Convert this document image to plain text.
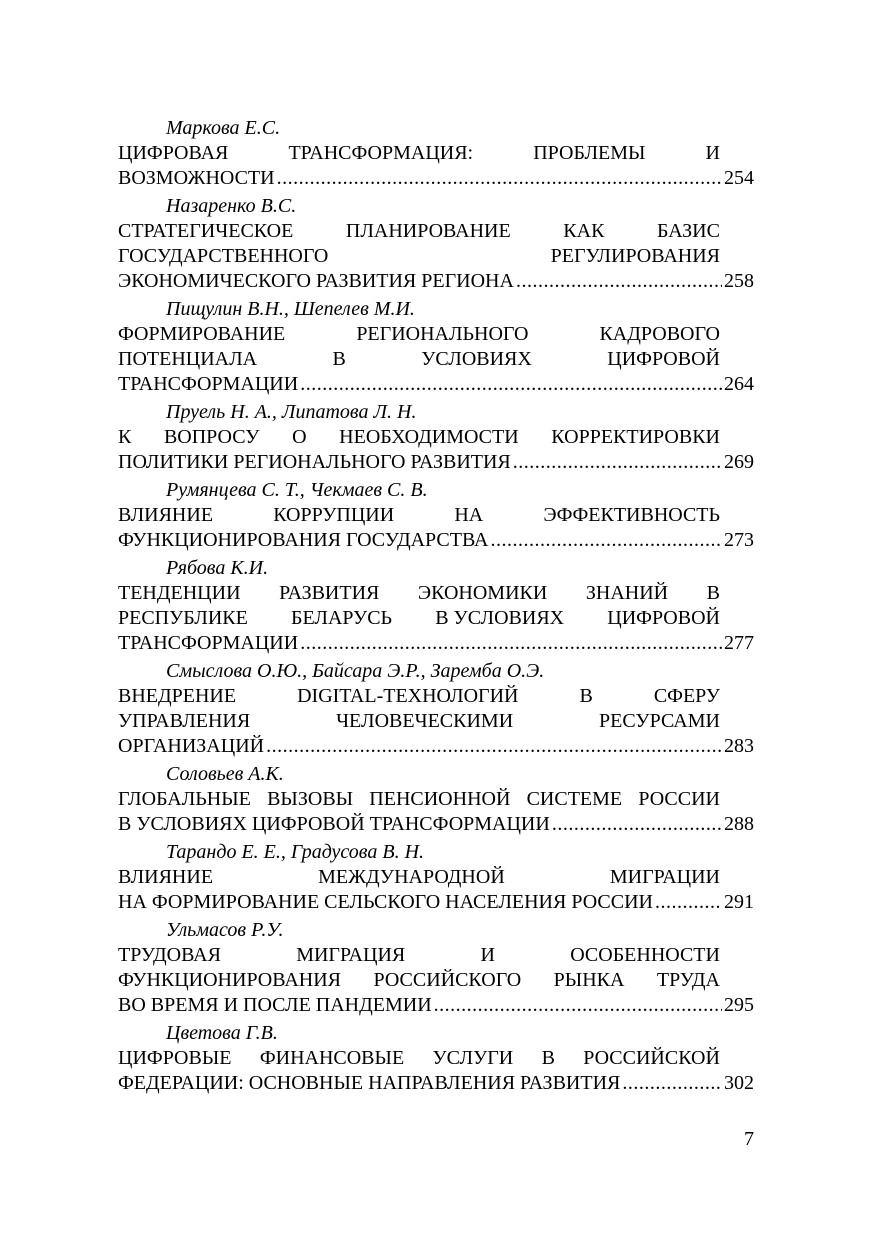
Маркова Е.С.
ЦИФРОВАЯ	ТРАНСФОРМАЦИЯ:	ПРОБЛЕМЫ	И
ВОЗМОЖНОСТИ .....	254
Назаренко В.С.
СТРАТЕГИЧЕСКОЕ	ПЛАНИРОВАНИЕ	КАК	БАЗИС
ГОСУДАРСТВЕННОГО	РЕГУЛИРОВАНИЯ
ЭКОНОМИЧЕСКОГО РАЗВИТИЯ РЕГИОНА .....	258
Пищулин В.Н., Шепелев М.И.
ФОРМИРОВАНИЕ	РЕГИОНАЛЬНОГО	КАДРОВОГО
ПОТЕНЦИАЛА	В	УСЛОВИЯХ	ЦИФРОВОЙ
ТРАНСФОРМАЦИИ .....	264
Пруель Н. А., Липатова Л. Н.
К ВОПРОСУ О НЕОБХОДИМОСТИ КОРРЕКТИРОВКИ
ПОЛИТИКИ РЕГИОНАЛЬНОГО РАЗВИТИЯ .....	269
Румянцева С. Т., Чекмаев С. В.
ВЛИЯНИЕ	КОРРУПЦИИ	НА	ЭФФЕКТИВНОСТЬ
ФУНКЦИОНИРОВАНИЯ ГОСУДАРСТВА .....	273
Рябова К.И.
ТЕНДЕНЦИИ РАЗВИТИЯ ЭКОНОМИКИ ЗНАНИЙ В
РЕСПУБЛИКЕ БЕЛАРУСЬ В УСЛОВИЯХ ЦИФРОВОЙ
ТРАНСФОРМАЦИИ .....	277
Смыслова О.Ю., Байсара Э.Р., Заремба О.Э.
ВНЕДРЕНИЕ	DIGITAL-ТЕХНОЛОГИЙ	В	СФЕРУ
УПРАВЛЕНИЯ	ЧЕЛОВЕЧЕСКИМИ	РЕСУРСАМИ
ОРГАНИЗАЦИЙ .....	283
Соловьев А.К.
ГЛОБАЛЬНЫЕ ВЫЗОВЫ ПЕНСИОННОЙ СИСТЕМЕ РОССИИ
В УСЛОВИЯХ ЦИФРОВОЙ ТРАНСФОРМАЦИИ .....	288
Тарандо Е. Е., Градусова В. Н.
ВЛИЯНИЕ	МЕЖДУНАРОДНОЙ	МИГРАЦИИ
НА ФОРМИРОВАНИЕ СЕЛЬСКОГО НАСЕЛЕНИЯ РОССИИ .....	291
Ульмасов Р.У.
ТРУДОВАЯ	МИГРАЦИЯ	И	ОСОБЕННОСТИ
ФУНКЦИОНИРОВАНИЯ РОССИЙСКОГО РЫНКА ТРУДА
ВО ВРЕМЯ И ПОСЛЕ ПАНДЕМИИ .....	295
Цветова Г.В.
ЦИФРОВЫЕ ФИНАНСОВЫЕ УСЛУГИ В РОССИЙСКОЙ
ФЕДЕРАЦИИ: ОСНОВНЫЕ НАПРАВЛЕНИЯ РАЗВИТИЯ .....	302
7
